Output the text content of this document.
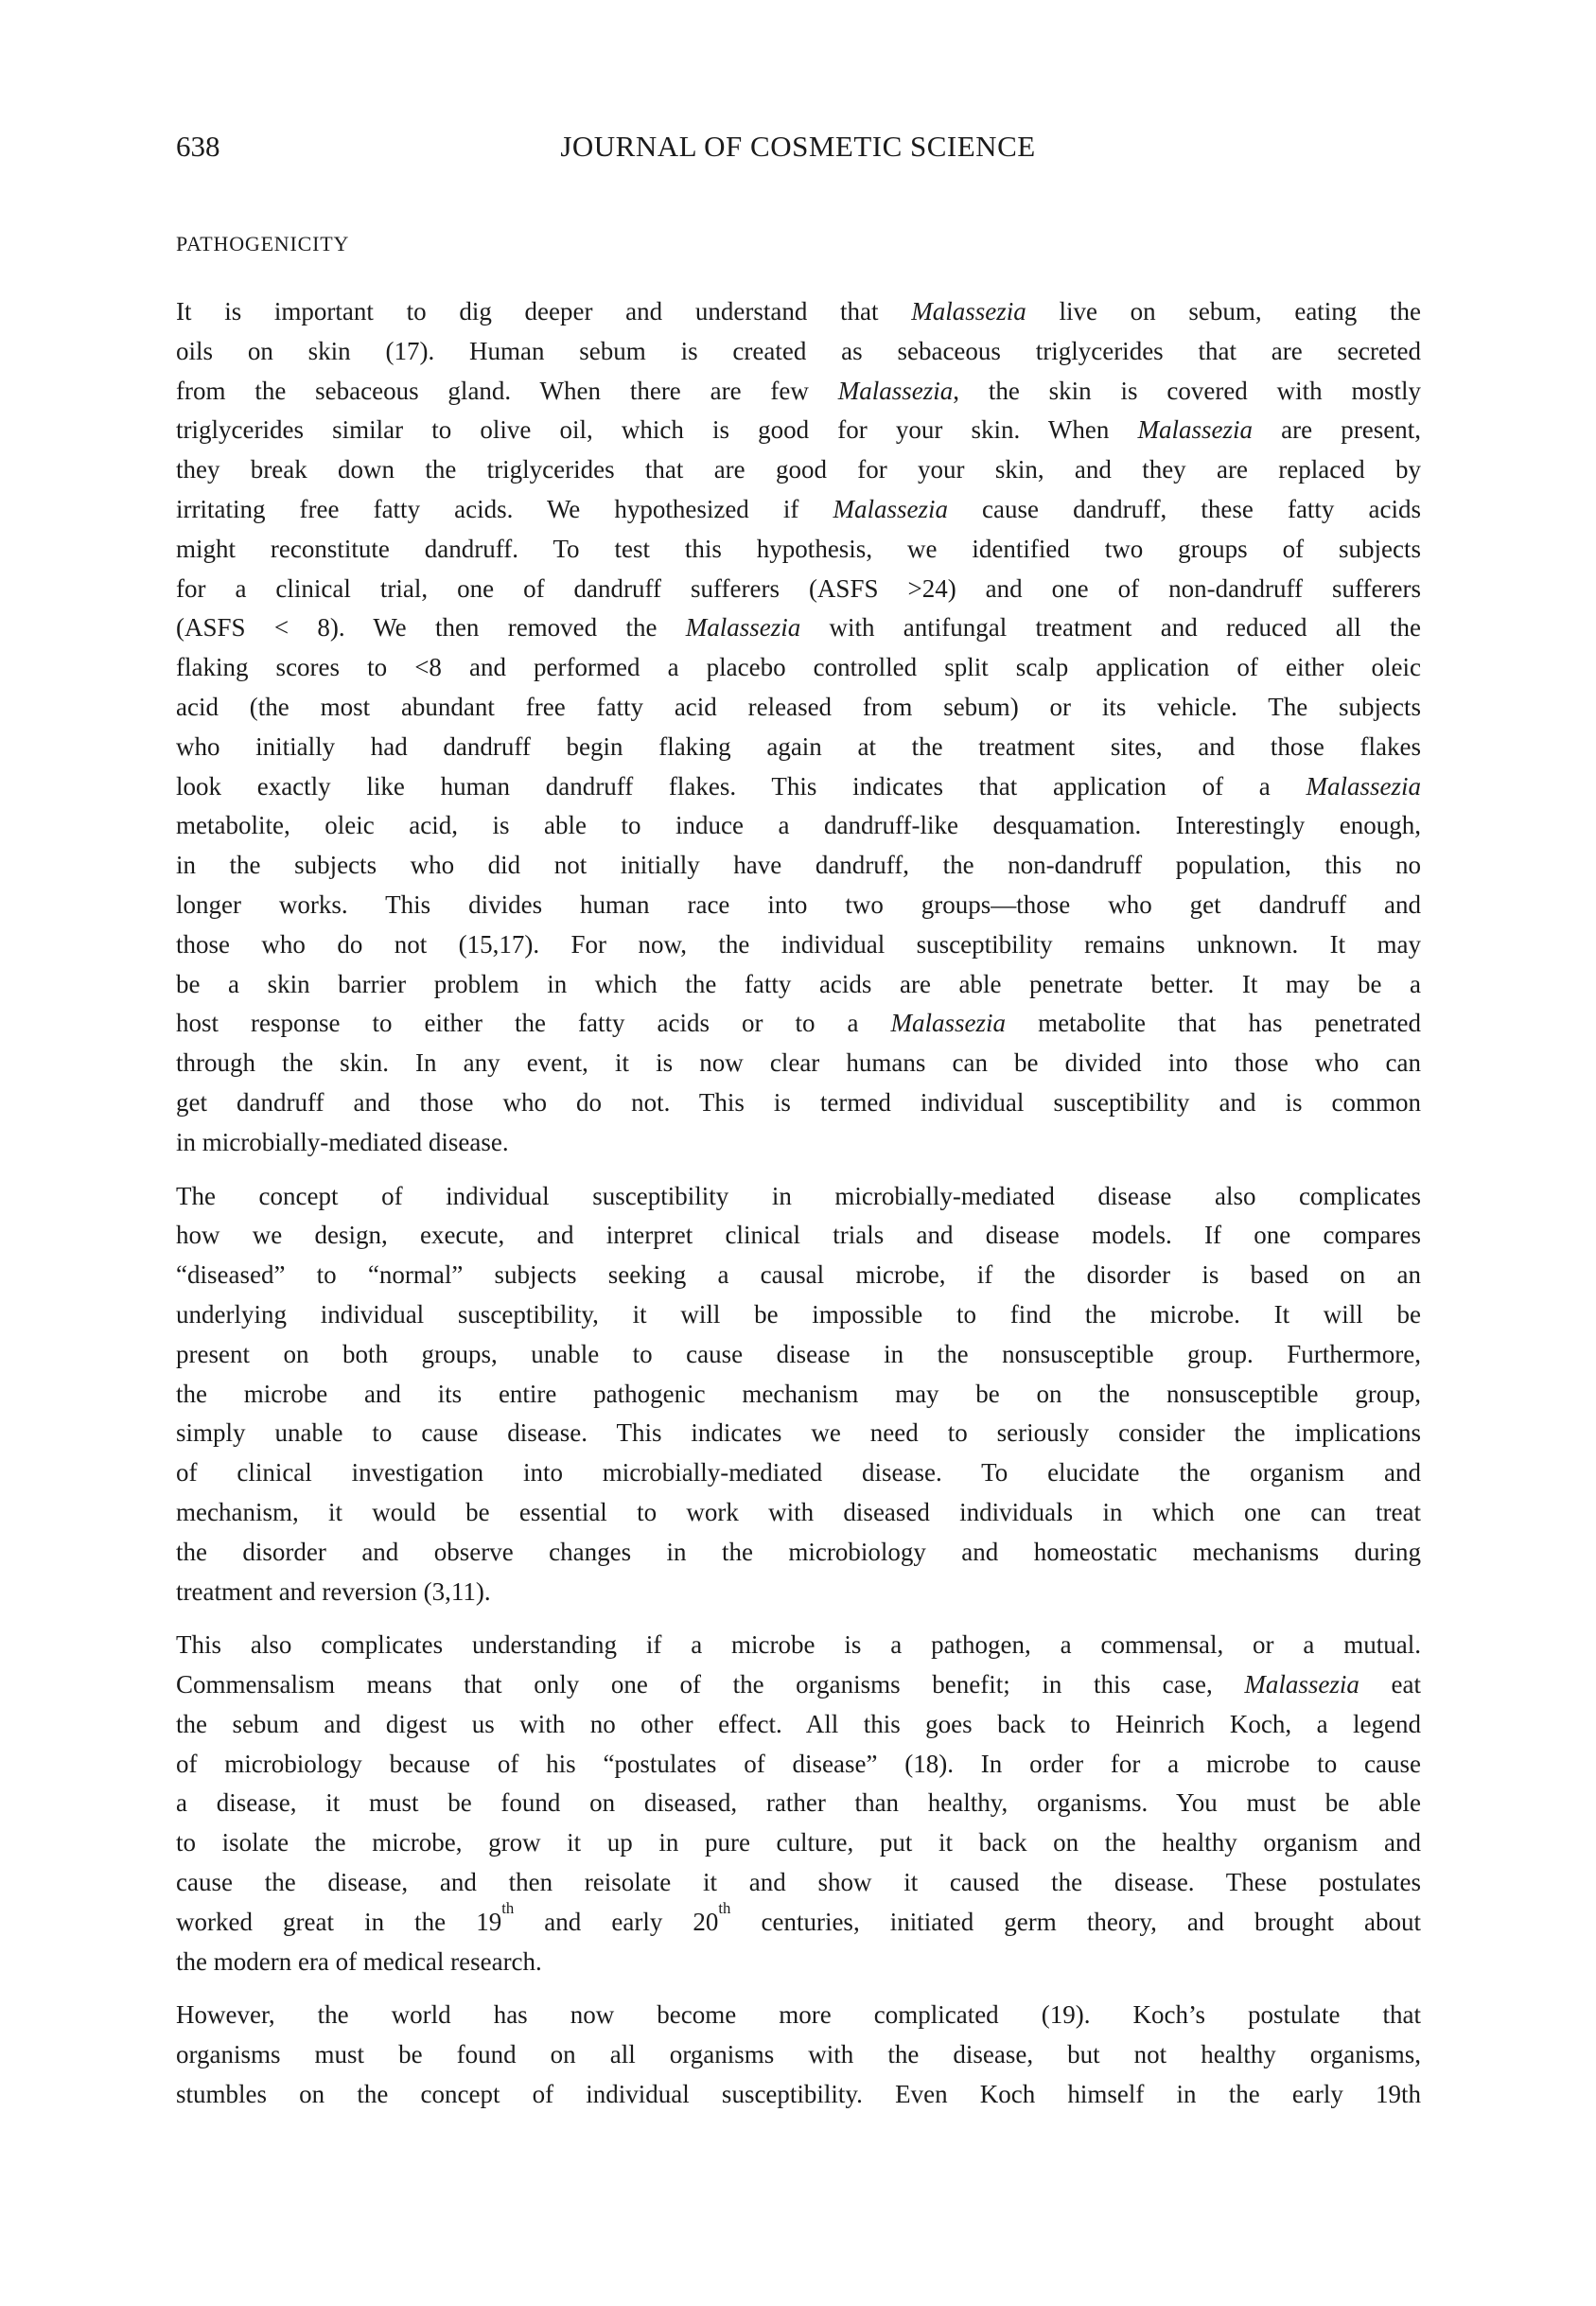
638	JOURNAL OF COSMETIC SCIENCE
PATHOGENICITY
It is important to dig deeper and understand that Malassezia live on sebum, eating the
oils on skin (17). Human sebum is created as sebaceous triglycerides that are secreted
from the sebaceous gland. When there are few Malassezia, the skin is covered with mostly
triglycerides similar to olive oil, which is good for your skin. When Malassezia are present,
they break down the triglycerides that are good for your skin, and they are replaced by
irritating free fatty acids. We hypothesized if Malassezia cause dandruff, these fatty acids
might reconstitute dandruff. To test this hypothesis, we identified two groups of subjects
for a clinical trial, one of dandruff sufferers (ASFS >24) and one of non-dandruff sufferers
(ASFS < 8). We then removed the Malassezia with antifungal treatment and reduced all the
flaking scores to <8 and performed a placebo controlled split scalp application of either oleic
acid (the most abundant free fatty acid released from sebum) or its vehicle. The subjects
who initially had dandruff begin flaking again at the treatment sites, and those flakes
look exactly like human dandruff flakes. This indicates that application of a Malassezia
metabolite, oleic acid, is able to induce a dandruff-like desquamation. Interestingly enough,
in the subjects who did not initially have dandruff, the non-dandruff population, this no
longer works. This divides human race into two groups—those who get dandruff and
those who do not (15,17). For now, the individual susceptibility remains unknown. It may
be a skin barrier problem in which the fatty acids are able penetrate better. It may be a
host response to either the fatty acids or to a Malassezia metabolite that has penetrated
through the skin. In any event, it is now clear humans can be divided into those who can
get dandruff and those who do not. This is termed individual susceptibility and is common
in microbially-mediated disease.
The concept of individual susceptibility in microbially-mediated disease also complicates
how we design, execute, and interpret clinical trials and disease models. If one compares
“diseased” to “normal” subjects seeking a causal microbe, if the disorder is based on an
underlying individual susceptibility, it will be impossible to find the microbe. It will be
present on both groups, unable to cause disease in the nonsusceptible group. Furthermore,
the microbe and its entire pathogenic mechanism may be on the nonsusceptible group,
simply unable to cause disease. This indicates we need to seriously consider the implications
of clinical investigation into microbially-mediated disease. To elucidate the organism and
mechanism, it would be essential to work with diseased individuals in which one can treat
the disorder and observe changes in the microbiology and homeostatic mechanisms during
treatment and reversion (3,11).
This also complicates understanding if a microbe is a pathogen, a commensal, or a mutual.
Commensalism means that only one of the organisms benefit; in this case, Malassezia eat
the sebum and digest us with no other effect. All this goes back to Heinrich Koch, a legend
of microbiology because of his “postulates of disease” (18). In order for a microbe to cause
a disease, it must be found on diseased, rather than healthy, organisms. You must be able
to isolate the microbe, grow it up in pure culture, put it back on the healthy organism and
cause the disease, and then reisolate it and show it caused the disease. These postulates
worked great in the 19th and early 20th centuries, initiated germ theory, and brought about
the modern era of medical research.
However, the world has now become more complicated (19). Koch’s postulate that
organisms must be found on all organisms with the disease, but not healthy organisms,
stumbles on the concept of individual susceptibility. Even Koch himself in the early 19th
